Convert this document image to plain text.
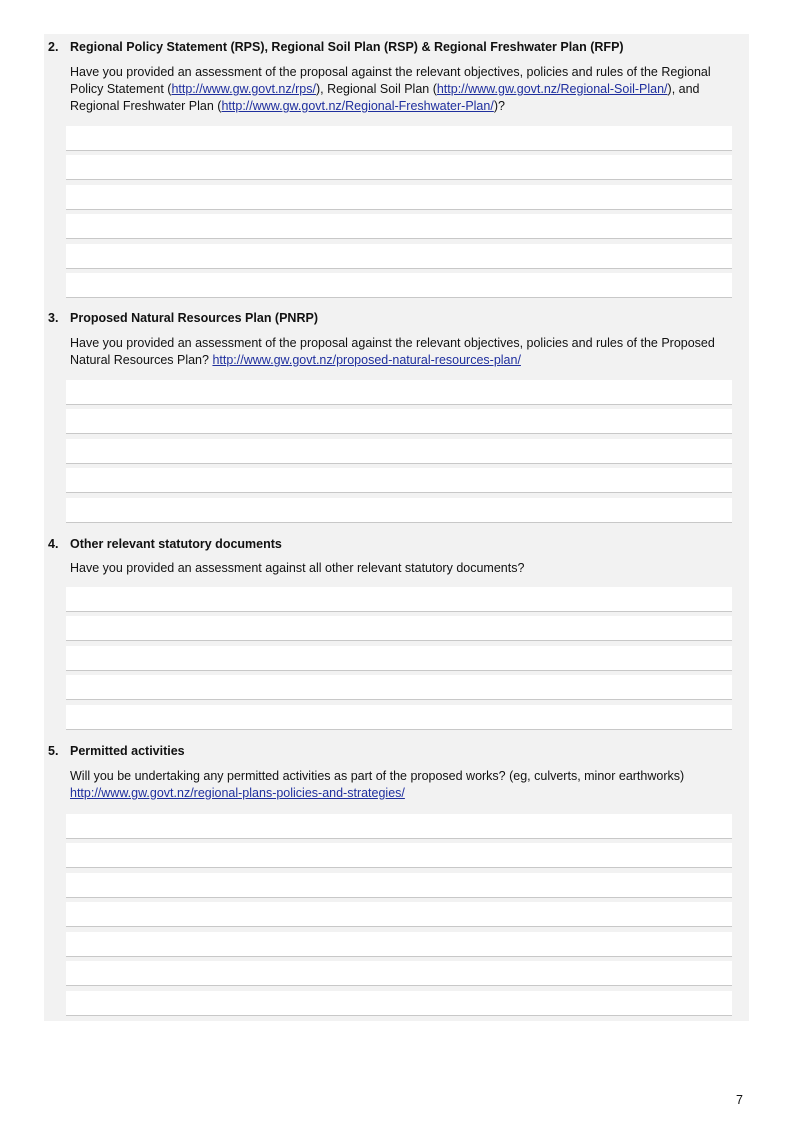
2. Regional Policy Statement (RPS), Regional Soil Plan (RSP) & Regional Freshwater Plan (RFP)
Have you provided an assessment of the proposal against the relevant objectives, policies and rules of the Regional Policy Statement (http://www.gw.govt.nz/rps/), Regional Soil Plan (http://www.gw.govt.nz/Regional-Soil-Plan/), and Regional Freshwater Plan (http://www.gw.govt.nz/Regional-Freshwater-Plan/)?
3. Proposed Natural Resources Plan (PNRP)
Have you provided an assessment of the proposal against the relevant objectives, policies and rules of the Proposed Natural Resources Plan? http://www.gw.govt.nz/proposed-natural-resources-plan/
4. Other relevant statutory documents
Have you provided an assessment against all other relevant statutory documents?
5. Permitted activities
Will you be undertaking any permitted activities as part of the proposed works? (eg, culverts, minor earthworks) http://www.gw.govt.nz/regional-plans-policies-and-strategies/
7
